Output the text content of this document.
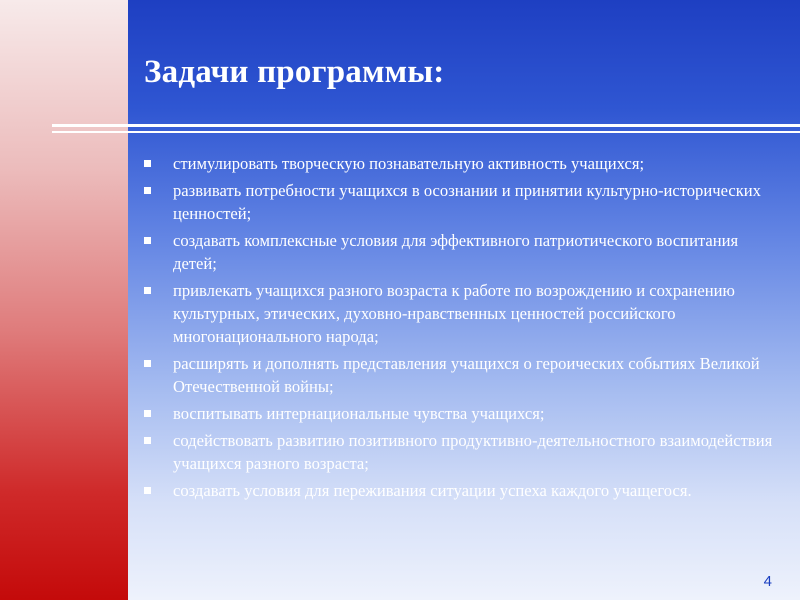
Задачи программы:
стимулировать творческую познавательную активность учащихся;
развивать потребности учащихся в осознании и принятии культурно-исторических ценностей;
создавать комплексные условия для эффективного патриотического воспитания детей;
привлекать учащихся разного возраста к работе по возрождению и сохранению культурных, этических, духовно-нравственных ценностей российского многонационального народа;
расширять и дополнять представления учащихся о героических событиях Великой Отечественной войны;
воспитывать интернациональные чувства учащихся;
содействовать развитию позитивного продуктивно-деятельностного взаимодействия учащихся разного возраста;
создавать условия для переживания ситуации успеха каждого учащегося.
4
